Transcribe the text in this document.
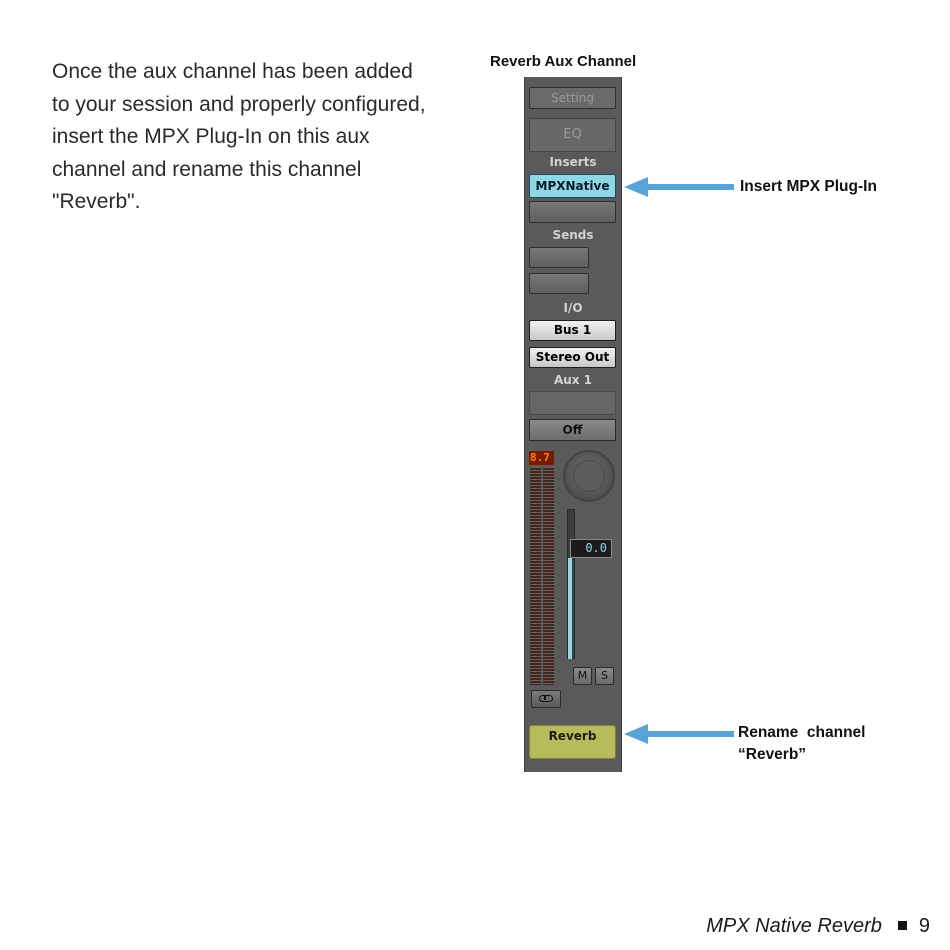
Once the aux channel has been added
to your session and properly configured,
insert the MPX Plug-In on this aux
channel and rename this channel
"Reverb".

Reverb Aux Channel
Setting
EQ
Inserts
MPXNative
Sends
I/O
Bus 1
Stereo Out
Aux 1
Off
8.7
0.0
M	S
Reverb
Insert MPX Plug-In
Rename  channel
“Reverb”
MPX Native Reverb 9
